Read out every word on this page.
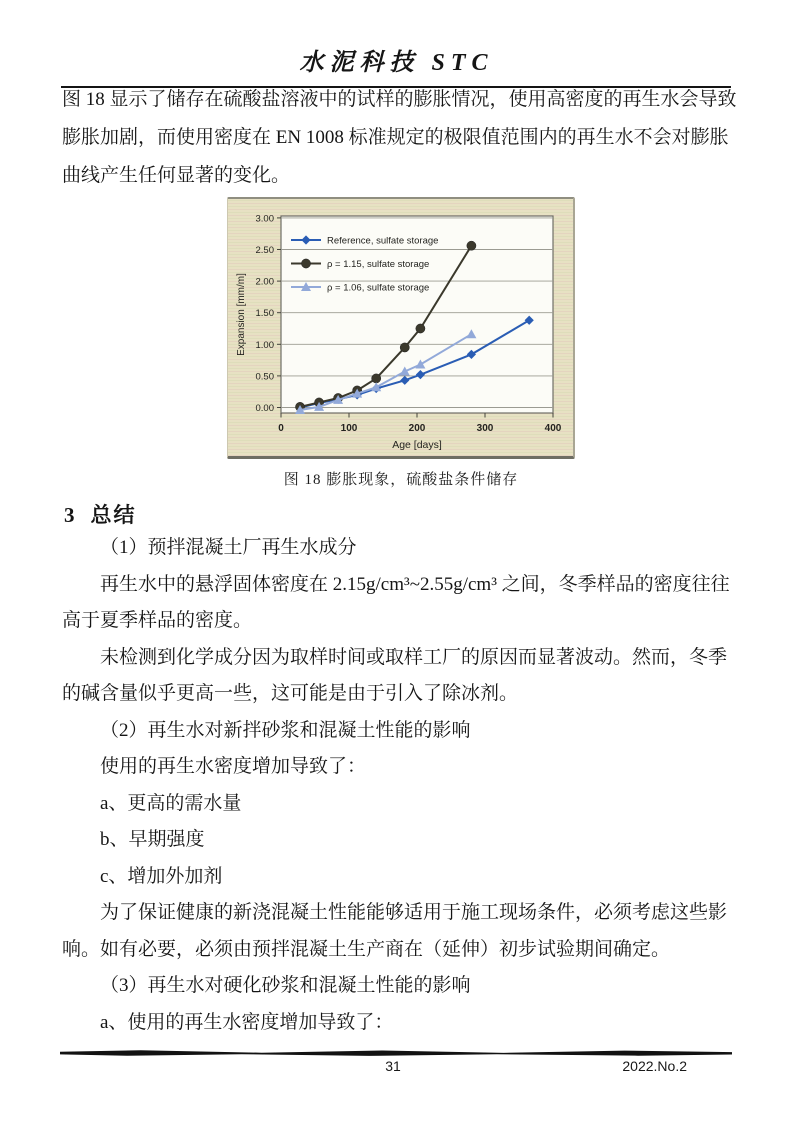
水泥科技 STC
图 18 显示了储存在硫酸盐溶液中的试样的膨胀情况，使用高密度的再生水会导致
膨胀加剧，而使用密度在 EN 1008 标准规定的极限值范围内的再生水不会对膨胀
曲线产生任何显著的变化。
0.00
0.50
1.00
1.50
2.00
2.50
3.00
0	100	200	300	400
Age [days]
Expansion [mm/m]
Reference, sulfate storage
ρ = 1.15, sulfate storage
ρ = 1.06, sulfate storage
图 18 膨胀现象，硫酸盐条件储存
3 总结
（1）预拌混凝土厂再生水成分
再生水中的悬浮固体密度在 2.15g/cm³~2.55g/cm³ 之间，冬季样品的密度往往
高于夏季样品的密度。
未检测到化学成分因为取样时间或取样工厂的原因而显著波动。然而，冬季
的碱含量似乎更高一些，这可能是由于引入了除冰剂。
（2）再生水对新拌砂浆和混凝土性能的影响
使用的再生水密度增加导致了：
a、更高的需水量
b、早期强度
c、增加外加剂
为了保证健康的新浇混凝土性能能够适用于施工现场条件，必须考虑这些影
响。如有必要，必须由预拌混凝土生产商在（延伸）初步试验期间确定。
（3）再生水对硬化砂浆和混凝土性能的影响
a、使用的再生水密度增加导致了：
31	2022.No.2
